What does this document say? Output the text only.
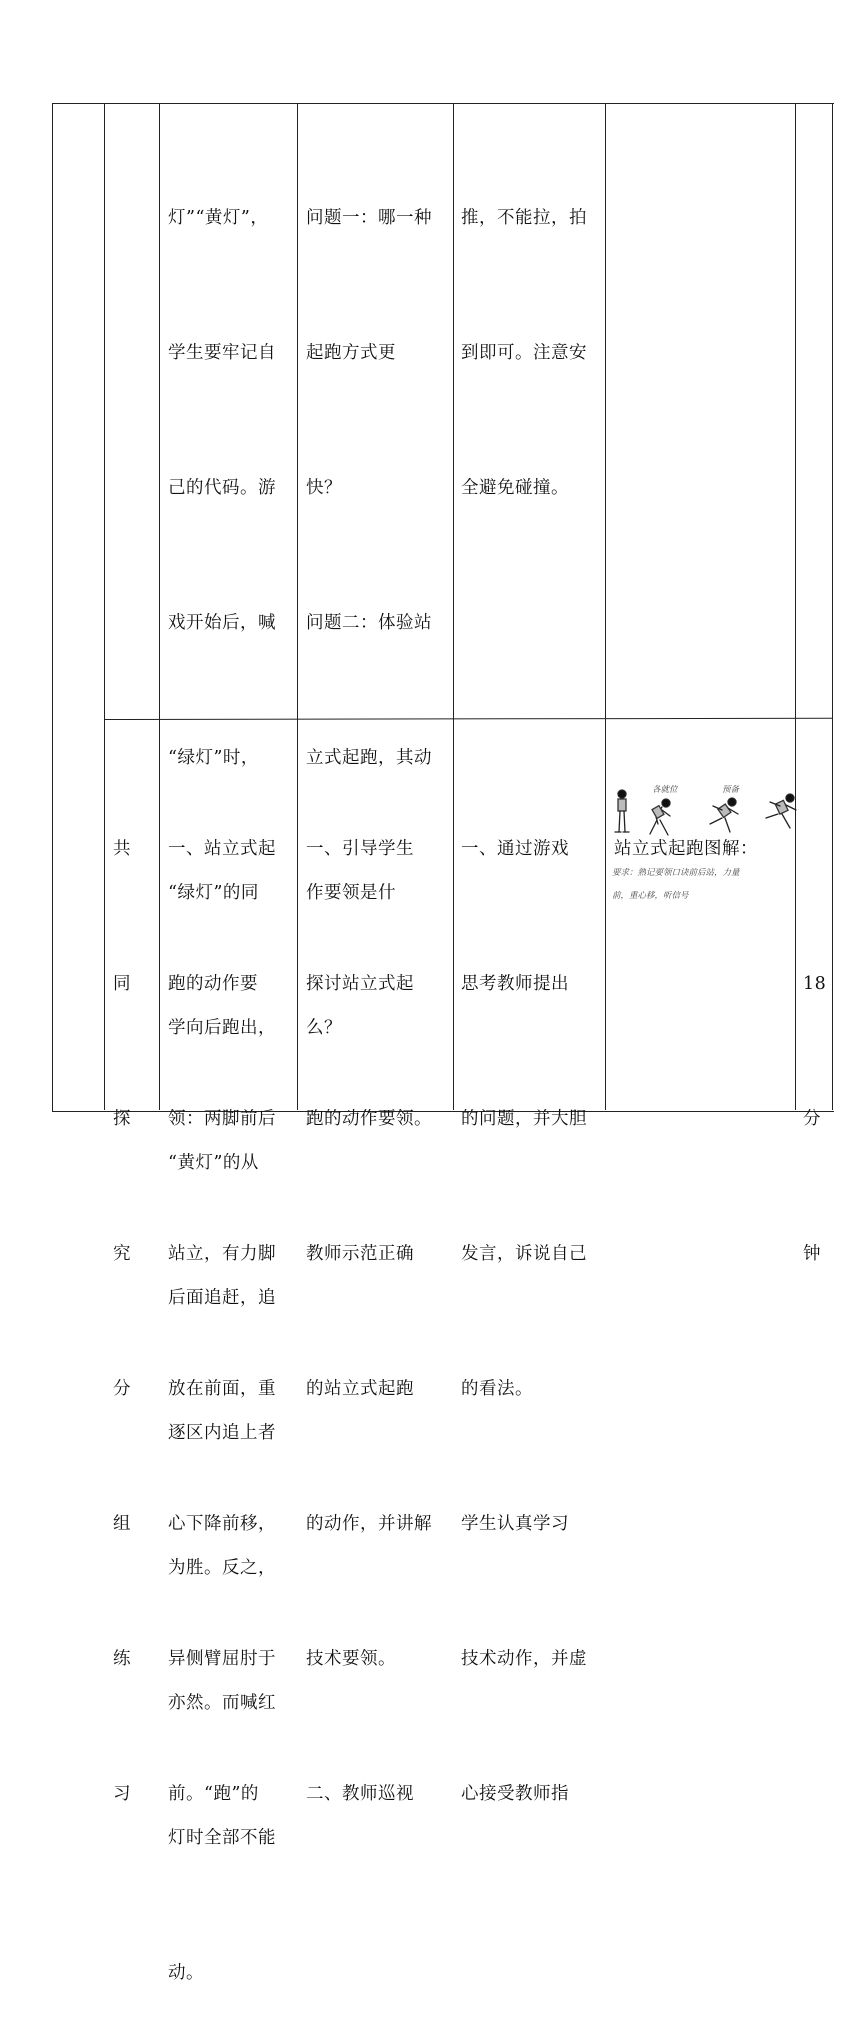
灯”“黄灯”，

学生要牢记自

己的代码。游

戏开始后，喊

“绿灯”时，

“绿灯”的同

学向后跑出，

“黄灯”的从

后面追赶，追

逐区内追上者

为胜。反之，

亦然。而喊红

灯时全部不能

动。

问题一：哪一种

起跑方式更

快？

问题二：体验站

立式起跑，其动

作要领是什

么？

推，不能拉，拍

到即可。注意安

全避免碰撞。

共

同

探

究

分

组

练

习

一、站立式起

跑的动作要

领：两脚前后

站立，有力脚

放在前面，重

心下降前移，

异侧臂屈肘于

前。“跑”的

一、引导学生

探讨站立式起

跑的动作要领。

教师示范正确

的站立式起跑

的动作，并讲解

技术要领。

二、教师巡视

一、通过游戏

思考教师提出

的问题，并大胆

发言，诉说自己

的看法。

学生认真学习

技术动作，并虚

心接受教师指

站立式起跑图解：

各就位	预备
要求：熟记要领口诀前后站，力量
前，重心移，听信号

18

分

钟
